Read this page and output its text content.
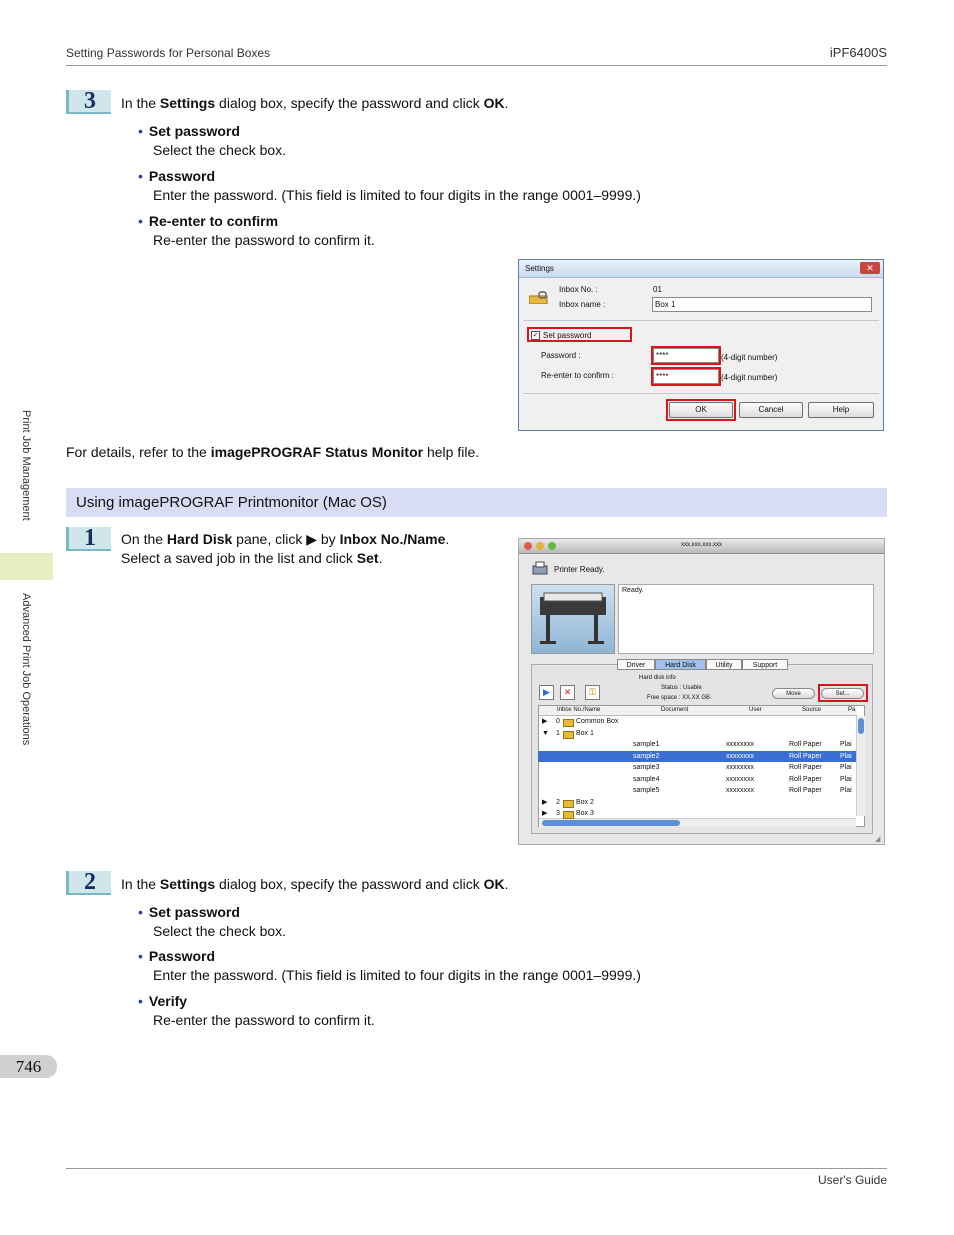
Setting Passwords for Personal Boxes	iPF6400S
Print Job Management
Advanced Print Job Operations
3	In the Settings dialog box, specify the password and click OK.
• Set password
Select the check box.
• Password
Enter the password. (This field is limited to four digits in the range 0001–9999.)
• Re-enter to confirm
Re-enter the password to confirm it.
Settings	✕
Inbox No. :	01
Inbox name :	Box 1
✓ Set password
Password :	****	(4-digit number)
Re-enter to confirm :	****	(4-digit number)
OK	Cancel	Help
For details, refer to the imagePROGRAF Status Monitor help file.
Using imagePROGRAF Printmonitor (Mac OS)
1	On the Hard Disk pane, click ▶ by Inbox No./Name.
Select a saved job in the list and click Set.
xxx.xxx.xxx.xxx
Printer Ready.
Ready.
Driver	Hard Disk	Utility	Support
▶	✕	⚿
Hard disk info
Status : Usable
Free space : XX.XX GB
Move	Set...
Inbox No./Name	Document	User	Source	Pa
◢
▶ 0 Common Box
▼ 1 Box 1
sample1	xxxxxxxx	Roll Paper	Plai
sample2	xxxxxxxx	Roll Paper	Plai
sample3	xxxxxxxx	Roll Paper	Plai
sample4	xxxxxxxx	Roll Paper	Plai
sample5	xxxxxxxx	Roll Paper	Plai
▶ 2 Box 2
▶ 3 Box 3
2	In the Settings dialog box, specify the password and click OK.
• Set password
Select the check box.
• Password
Enter the password. (This field is limited to four digits in the range 0001–9999.)
• Verify
Re-enter the password to confirm it.
746
User's Guide
